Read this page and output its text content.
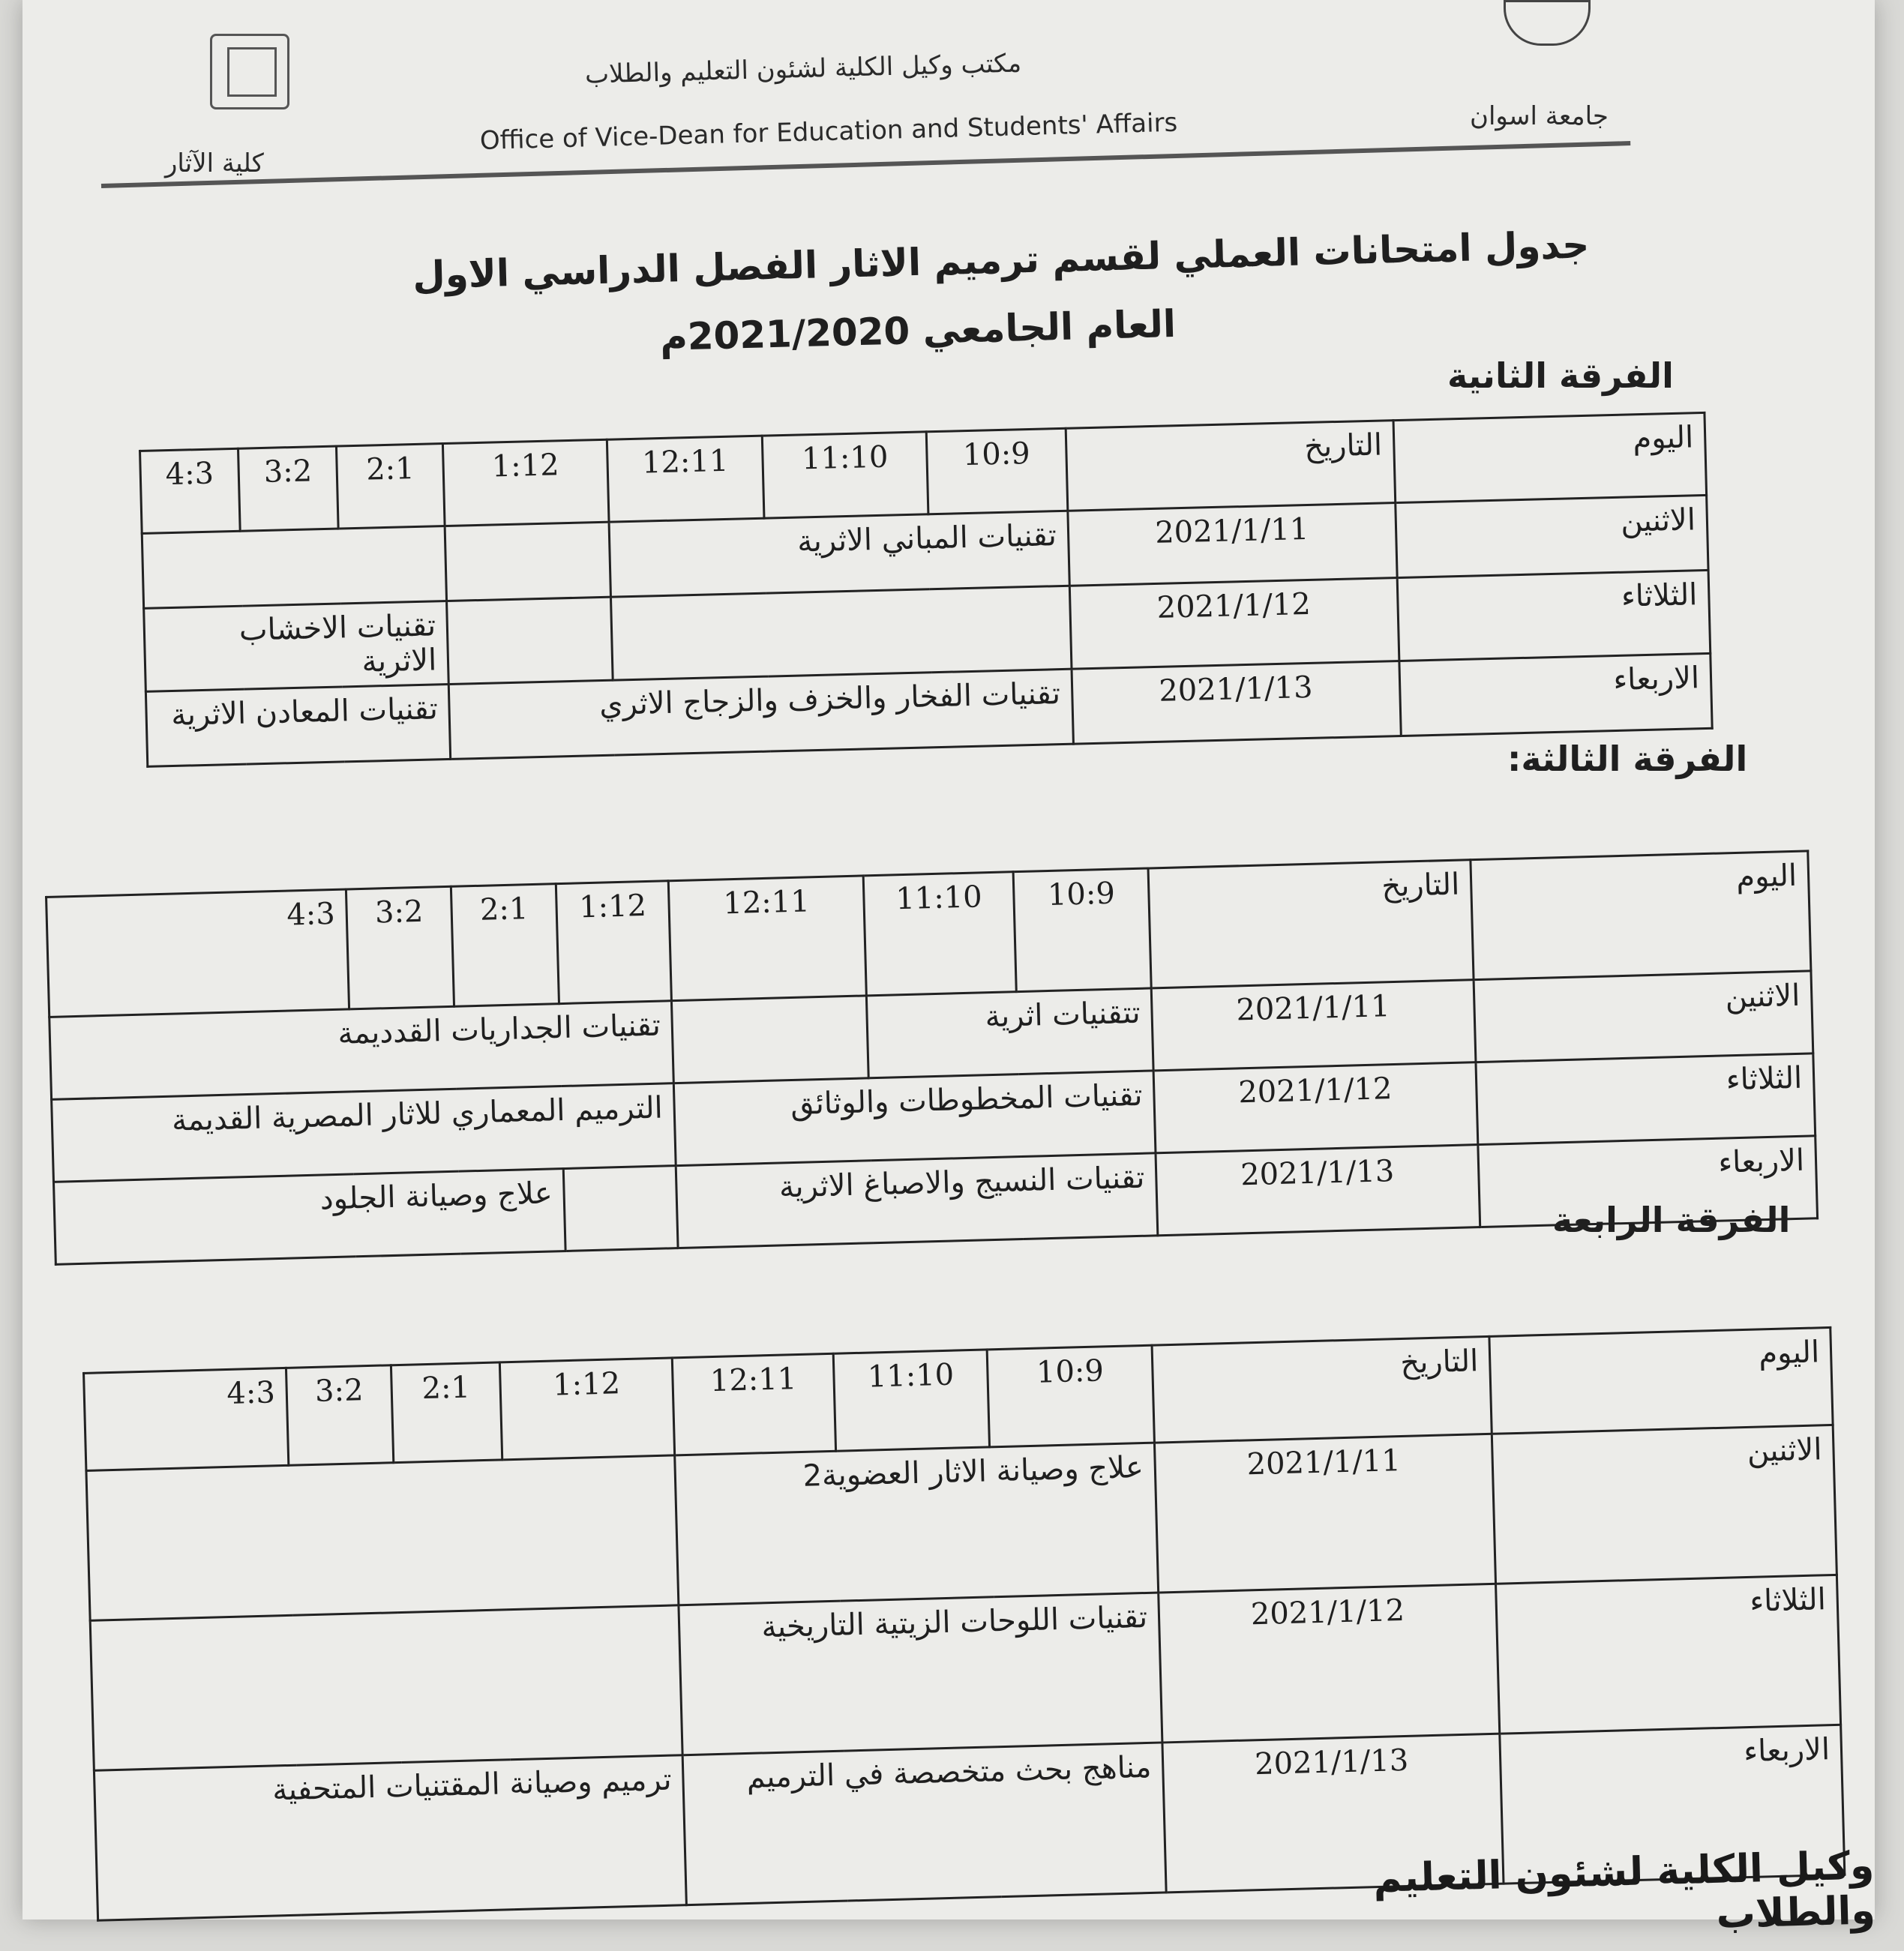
مكتب وكيل الكلية لشئون التعليم والطلاب
Office of Vice-Dean for Education and Students' Affairs	جامعة اسوان
كلية الآثار
جدول امتحانات العملي لقسم ترميم الاثار الفصل الدراسي الاول
العام الجامعي 2021/2020م
الفرقة الثانية
4:3	3:2	2:1	1:12	12:11	11:10	10:9	التاريخ	اليوم
				تقنيات المباني الاثرية			2021/1/11	الاثنين
تقنيات الاخشاب الاثرية							2021/1/12	الثلاثاء
تقنيات المعادن الاثرية			تقنيات الفخار والخزف والزجاج الاثري				2021/1/13	الاربعاء
الفرقة الثالثة:
4:3	3:2	2:1	1:12	12:11	11:10	10:9	التاريخ	اليوم
تقنيات الجداريات القدديمة					تتقنيات اثرية		2021/1/11	الاثنين
الترميم المعماري للاثار المصرية القديمة				تقنيات المخطوطات والوثائق			2021/1/12	الثلاثاء
علاج وصيانة الجلود				تقنيات النسيج والاصباغ الاثرية			2021/1/13	الاربعاء
الفرقة الرابعة
4:3	3:2	2:1	1:12	12:11	11:10	10:9	التاريخ	اليوم
				علاج وصيانة الاثار العضوية2			2021/1/11	الاثنين
				تقنيات اللوحات الزيتية التاريخية			2021/1/12	الثلاثاء
ترميم وصيانة المقتنيات المتحفية				مناهج بحث متخصصة في الترميم			2021/1/13	الاربعاء
وكيل الكلية لشئون التعليم والطلاب
